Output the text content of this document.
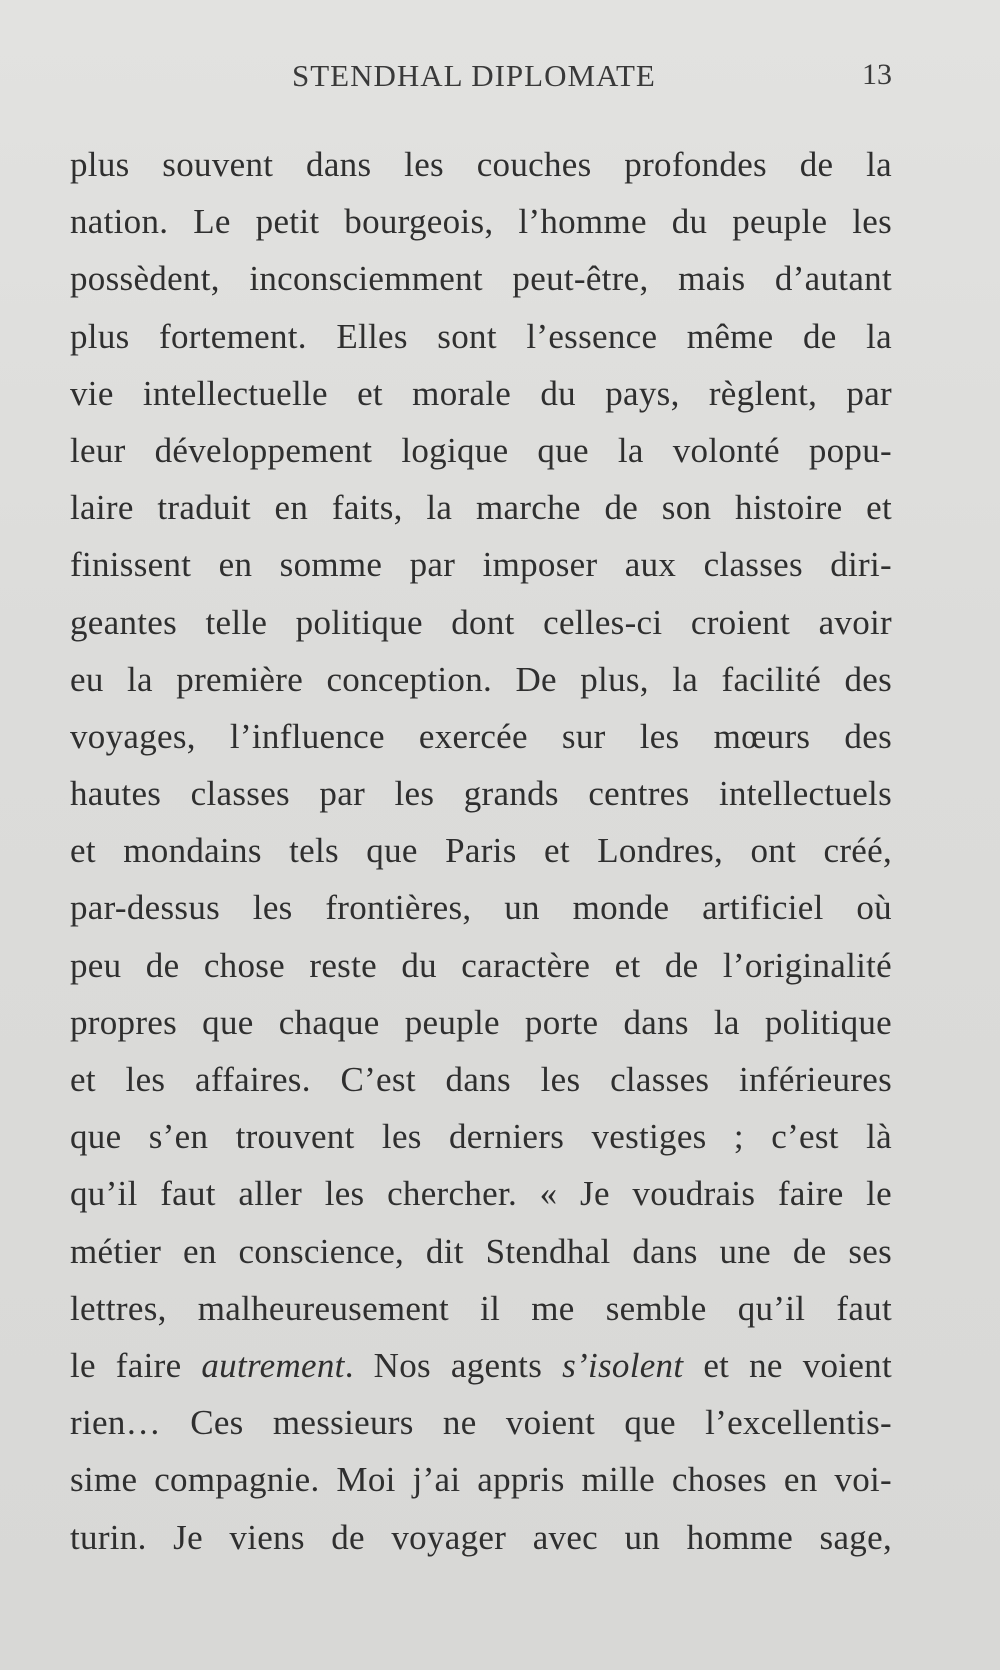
STENDHAL DIPLOMATE	13
plus souvent dans les couches profondes de la
nation. Le petit bourgeois, l’homme du peuple les
possèdent, inconsciemment peut-être, mais d’autant
plus fortement. Elles sont l’essence même de la
vie intellectuelle et morale du pays, règlent, par
leur développement logique que la volonté popu-
laire traduit en faits, la marche de son histoire et
finissent en somme par imposer aux classes diri-
geantes telle politique dont celles-ci croient avoir
eu la première conception. De plus, la facilité des
voyages, l’influence exercée sur les mœurs des
hautes classes par les grands centres intellectuels
et mondains tels que Paris et Londres, ont créé,
par-dessus les frontières, un monde artificiel où
peu de chose reste du caractère et de l’originalité
propres que chaque peuple porte dans la politique
et les affaires. C’est dans les classes inférieures
que s’en trouvent les derniers vestiges ; c’est là
qu’il faut aller les chercher. « Je voudrais faire le
métier en conscience, dit Stendhal dans une de ses
lettres, malheureusement il me semble qu’il faut
le faire autrement. Nos agents s’isolent et ne voient
rien… Ces messieurs ne voient que l’excellentis-
sime compagnie. Moi j’ai appris mille choses en voi-
turin. Je viens de voyager avec un homme sage,
